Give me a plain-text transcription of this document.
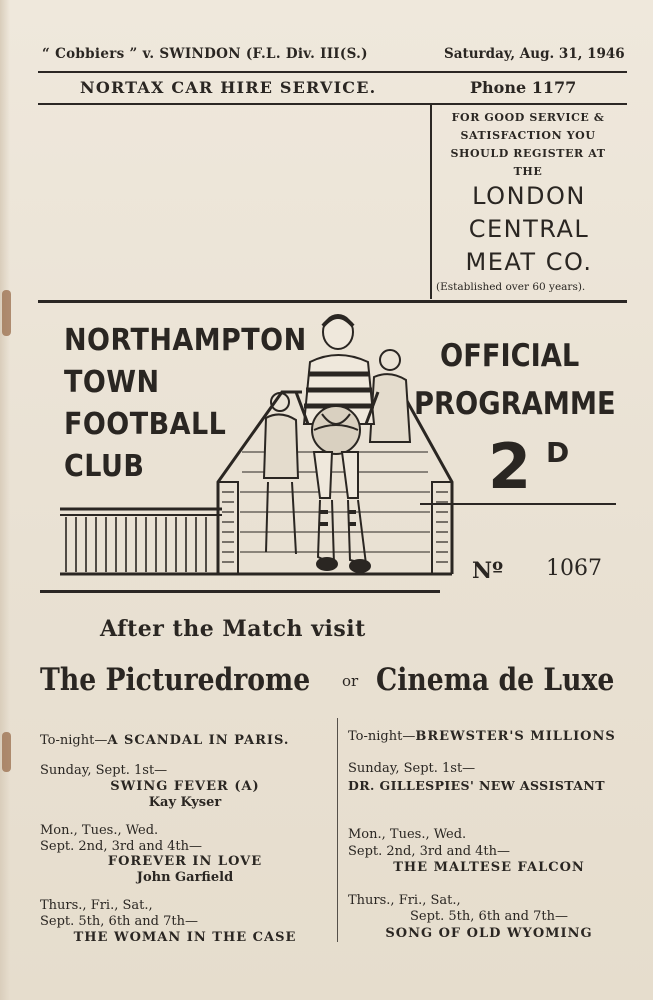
“ Cobbiers ” v. SWINDON (F.L. Div. III(S.)	Saturday, Aug. 31, 1946
NORTAX CAR HIRE SERVICE.	Phone 1177
FOR GOOD SERVICE &
SATISFACTION YOU
SHOULD REGISTER AT
THE
LONDON
CENTRAL
MEAT CO.
(Established over 60 years).
NORTHAMPTON
TOWN
FOOTBALL
CLUB
OFFICIAL
PROGRAMME
2 D
Nº 1067
After the Match visit
The Picturedrome or Cinema de Luxe
To-night—A SCANDAL IN PARIS.
Sunday, Sept. 1st—
SWING FEVER (A)
Kay Kyser
Mon., Tues., Wed.
Sept. 2nd, 3rd and 4th—
FOREVER IN LOVE
John Garfield
Thurs., Fri., Sat.,
Sept. 5th, 6th and 7th—
THE WOMAN IN THE CASE
To-night—BREWSTER'S MILLIONS
Sunday, Sept. 1st—
DR. GILLESPIES' NEW ASSISTANT
Mon., Tues., Wed.
Sept. 2nd, 3rd and 4th—
THE MALTESE FALCON
Thurs., Fri., Sat.,
Sept. 5th, 6th and 7th—
SONG OF OLD WYOMING
